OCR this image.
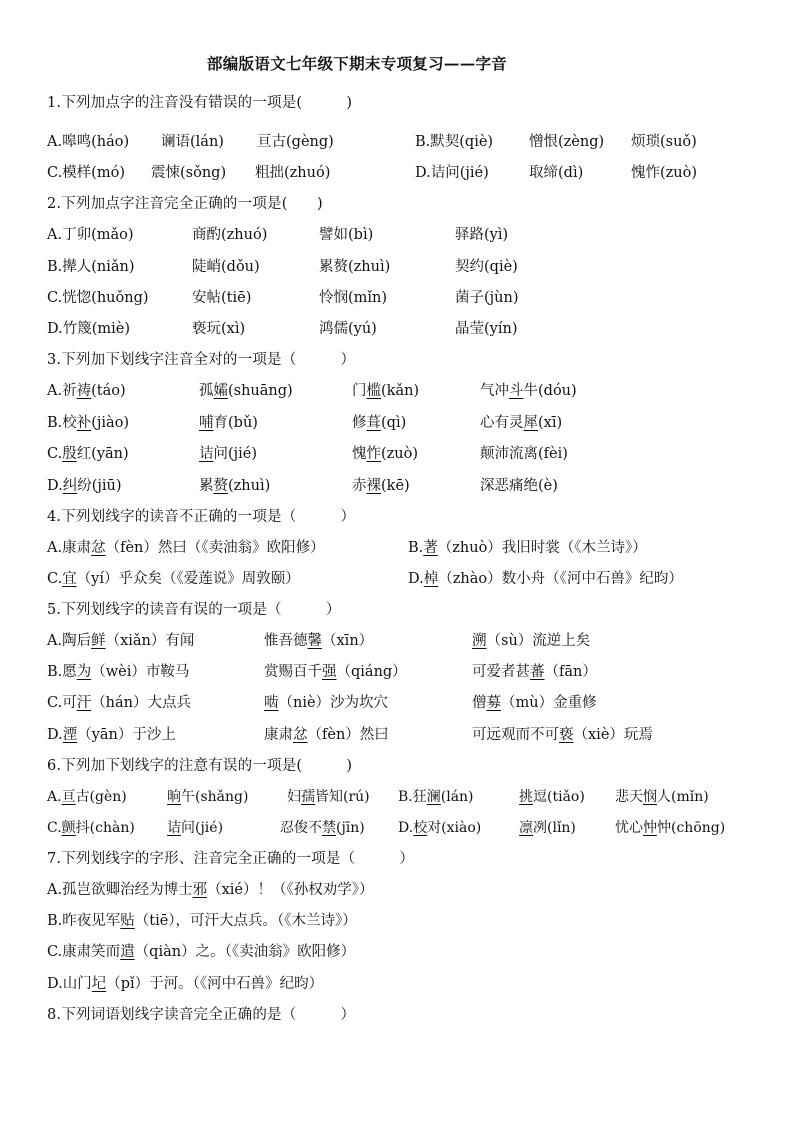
部编版语文七年级下期末专项复习——字音
1.下列加点字的注音没有错误的一项是(　　　)
A.嗥鸣(háo) 谰语(lán) 亘古(gèng)	B.默契(qiè) 憎恨(zèng) 烦琐(suǒ)
C.模样(mó) 震悚(sǒng) 粗拙(zhuó)	D.诘问(jié)	取缔(dì)	愧怍(zuò)
2.下列加点字注音完全正确的一项是(　　)
A.丁卯(mǎo)	商酌(zhuó)	譬如(bì)	驿路(yì)
B.撵人(niǎn)	陡峭(dǒu)	累赘(zhuì)	契约(qiè)
C.恍惚(huǒng)	安帖(tiē)	怜悯(mǐn)	菌子(jùn)
D.竹篾(miè)	亵玩(xì)	鸿儒(yú)	晶莹(yín)
3.下列加下划线字注音全对的一项是（　　　）
A.祈祷(táo)	孤孀(shuāng)	门槛(kǎn)	气冲斗牛(dóu)
B.校补(jiào)	哺育(bǔ)	修葺(qì)	心有灵犀(xī)
C.殷红(yān)	诘问(jié)	愧怍(zuò)	颠沛流离(fèi)
D.纠纷(jiū)	累赘(zhuì)	赤裸(kē)	深恶痛绝(è)
4.下列划线字的读音不正确的一项是（　　　）
A.康肃忿（fèn）然曰（《卖油翁》欧阳修）	B.著（zhuò）我旧时裳（《木兰诗》）
C.宜（yí）乎众矣（《爱莲说》周敦颐）	D.棹（zhào）数小舟（《河中石兽》纪昀）
5.下列划线字的读音有误的一项是（　　　）
A.陶后鲜（xiǎn）有闻	惟吾德馨（xīn）	溯（sù）流逆上矣
B.愿为（wèi）市鞍马	赏赐百千强（qiáng）	可爱者甚蕃（fān）
C.可汗（hán）大点兵	啮（niè）沙为坎穴	僧募（mù）金重修
D.湮（yān）于沙上	康肃忿（fèn）然曰	可远观而不可亵（xiè）玩焉
6.下列加下划线字的注意有误的一项是(　　　)
A.亘古(gèn)	晌午(shǎng)	妇孺皆知(rú) B.狂澜(lán)	挑逗(tiǎo) 悲天悯人(mǐn)
C.颤抖(chàn) 诘问(jié)	忍俊不禁(jīn) D.校对(xiào)	凛冽(lǐn)	忧心忡忡(chōng)
7.下列划线字的字形、注音完全正确的一项是（　　　）
A.孤岂欲卿治经为博士邪（xié）！（《孙权劝学》）
B.昨夜见军贴（tiē），可汗大点兵。（《木兰诗》）
C.康肃笑而遣（qiàn）之。（《卖油翁》欧阳修）
D.山门圮（pǐ）于河。（《河中石兽》纪昀）
8.下列词语划线字读音完全正确的是（　　　）
